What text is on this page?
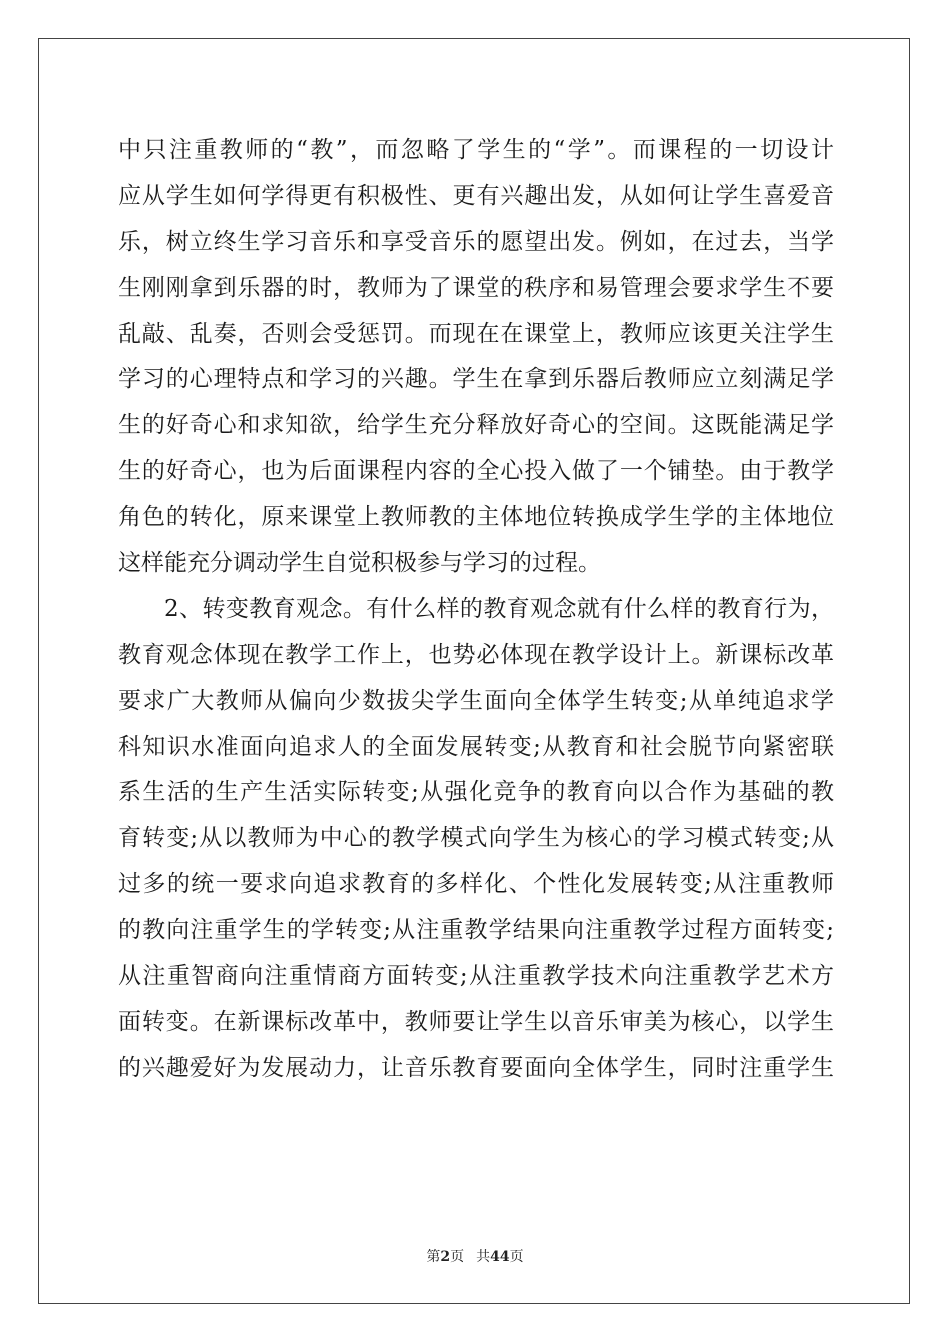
中只注重教师的“教”，而忽略了学生的“学”。而课程的一切设计
应从学生如何学得更有积极性、更有兴趣出发，从如何让学生喜爱音
乐，树立终生学习音乐和享受音乐的愿望出发。例如，在过去，当学
生刚刚拿到乐器的时，教师为了课堂的秩序和易管理会要求学生不要
乱敲、乱奏，否则会受惩罚。而现在在课堂上，教师应该更关注学生
学习的心理特点和学习的兴趣。学生在拿到乐器后教师应立刻满足学
生的好奇心和求知欲，给学生充分释放好奇心的空间。这既能满足学
生的好奇心，也为后面课程内容的全心投入做了一个铺垫。由于教学
角色的转化，原来课堂上教师教的主体地位转换成学生学的主体地位
这样能充分调动学生自觉积极参与学习的过程。
2、转变教育观念。有什么样的教育观念就有什么样的教育行为，
教育观念体现在教学工作上，也势必体现在教学设计上。新课标改革
要求广大教师从偏向少数拔尖学生面向全体学生转变;从单纯追求学
科知识水准面向追求人的全面发展转变;从教育和社会脱节向紧密联
系生活的生产生活实际转变;从强化竞争的教育向以合作为基础的教
育转变;从以教师为中心的教学模式向学生为核心的学习模式转变;从
过多的统一要求向追求教育的多样化、个性化发展转变;从注重教师
的教向注重学生的学转变;从注重教学结果向注重教学过程方面转变;
从注重智商向注重情商方面转变;从注重教学技术向注重教学艺术方
面转变。在新课标改革中，教师要让学生以音乐审美为核心，以学生
的兴趣爱好为发展动力，让音乐教育要面向全体学生，同时注重学生
第2页 共44页
